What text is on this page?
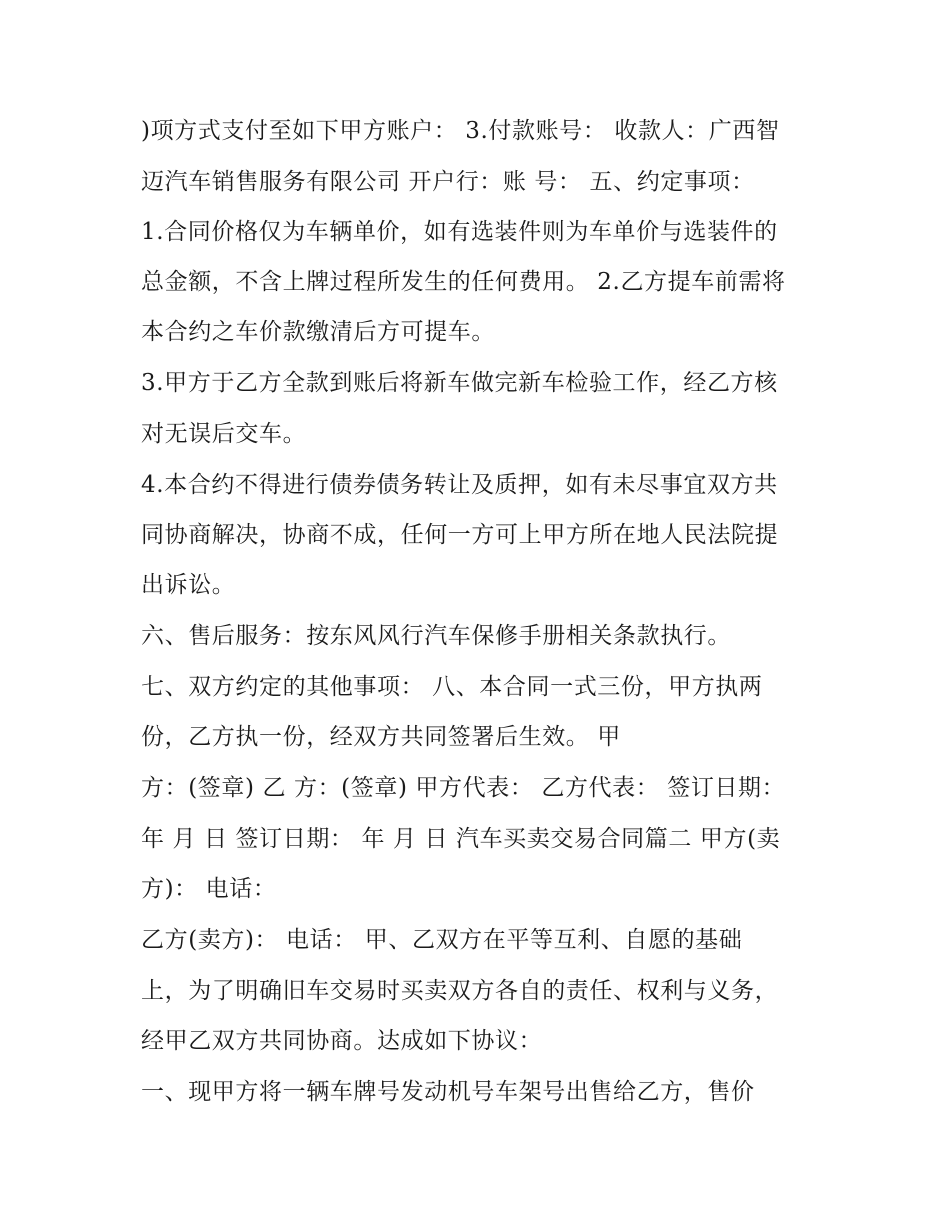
)项方式支付至如下甲方账户： 3.付款账号： 收款人：广西智
迈汽车销售服务有限公司 开户行：账 号： 五、约定事项：
1.合同价格仅为车辆单价，如有选装件则为车单价与选装件的
总金额，不含上牌过程所发生的任何费用。 2.乙方提车前需将
本合约之车价款缴清后方可提车。
3.甲方于乙方全款到账后将新车做完新车检验工作，经乙方核
对无误后交车。
4.本合约不得进行债券债务转让及质押，如有未尽事宜双方共
同协商解决，协商不成，任何一方可上甲方所在地人民法院提
出诉讼。
六、售后服务：按东风风行汽车保修手册相关条款执行。
七、双方约定的其他事项： 八、本合同一式三份，甲方执两
份，乙方执一份，经双方共同签署后生效。 甲
方：(签章) 乙 方：(签章) 甲方代表： 乙方代表： 签订日期：
年 月 日 签订日期： 年 月 日 汽车买卖交易合同篇二 甲方(卖
方)： 电话：
乙方(卖方)： 电话： 甲、乙双方在平等互利、自愿的基础
上，为了明确旧车交易时买卖双方各自的责任、权利与义务，
经甲乙双方共同协商。达成如下协议：
一、现甲方将一辆车牌号发动机号车架号出售给乙方，售价
